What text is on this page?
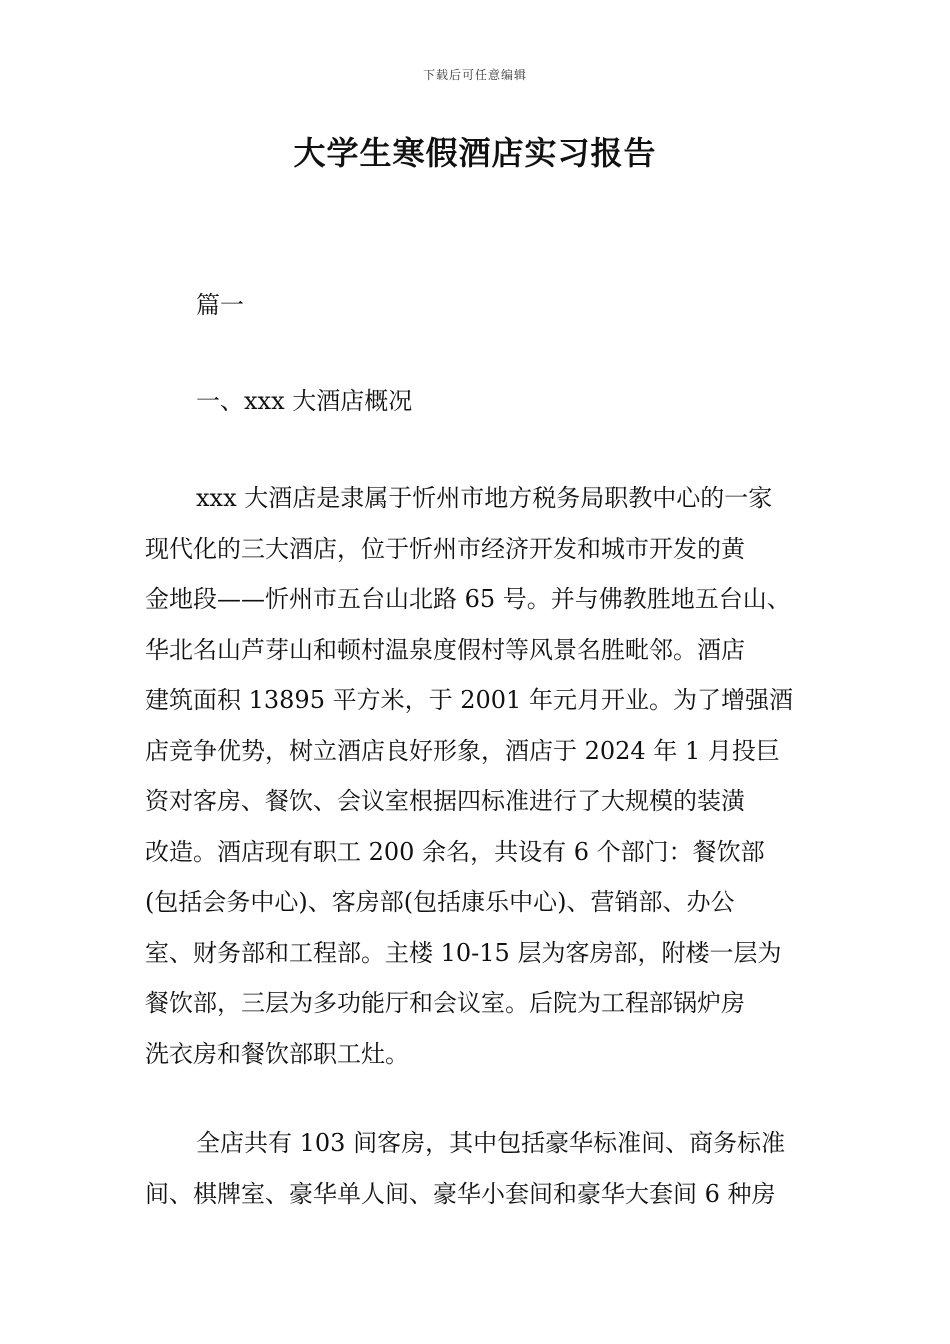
下载后可任意编辑
大学生寒假酒店实习报告

篇一

一、xxx 大酒店概况

xxx 大酒店是隶属于忻州市地方税务局职教中心的一家
现代化的三大酒店，位于忻州市经济开发和城市开发的黄
金地段——忻州市五台山北路 65 号。并与佛教胜地五台山、
华北名山芦芽山和顿村温泉度假村等风景名胜毗邻。酒店
建筑面积 13895 平方米，于 2001 年元月开业。为了增强酒
店竞争优势，树立酒店良好形象，酒店于 2024 年 1 月投巨
资对客房、餐饮、会议室根据四标准进行了大规模的装潢
改造。酒店现有职工 200 余名，共设有 6 个部门：餐饮部
(包括会务中心)、客房部(包括康乐中心)、营销部、办公
室、财务部和工程部。主楼 10-15 层为客房部，附楼一层为
餐饮部，三层为多功能厅和会议室。后院为工程部锅炉房
洗衣房和餐饮部职工灶。
全店共有 103 间客房，其中包括豪华标准间、商务标准
间、棋牌室、豪华单人间、豪华小套间和豪华大套间 6 种房
